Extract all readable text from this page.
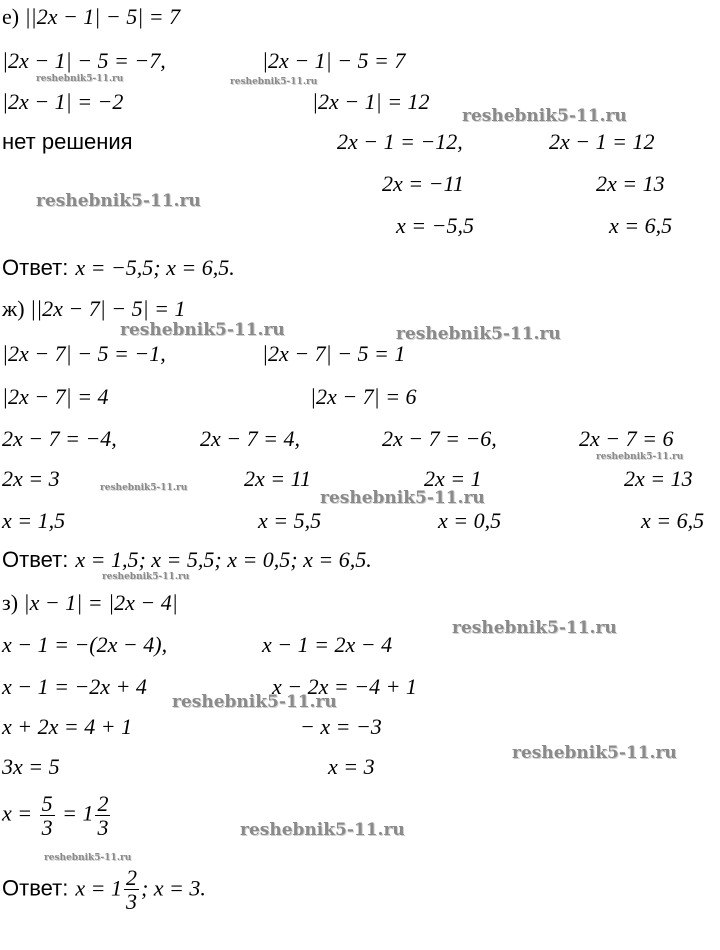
е) ||2x − 1| − 5| = 7
|2x − 1| − 5 = −7,	|2x − 1| − 5 = 7
|2x − 1| = −2	|2x − 1| = 12
нет решения	2x − 1 = −12,	2x − 1 = 12
2x = −11	2x = 13
x = −5,5	x = 6,5
Ответ: x = −5,5; x = 6,5.
ж) ||2x − 7| − 5| = 1
|2x − 7| − 5 = −1,	|2x − 7| − 5 = 1
|2x − 7| = 4	|2x − 7| = 6
2x − 7 = −4,	2x − 7 = 4,	2x − 7 = −6,	2x − 7 = 6
2x = 3	2x = 11	2x = 1	2x = 13
x = 1,5	x = 5,5	x = 0,5	x = 6,5
Ответ: x = 1,5; x = 5,5; x = 0,5; x = 6,5.
з) |x − 1| = |2x − 4|
x − 1 = −(2x − 4),	x − 1 = 2x − 4
x − 1 = −2x + 4	x − 2x = −4 + 1
x + 2x = 4 + 1	− x = −3
3x = 5	x = 3
$x = \frac{5}{3} = 1 \frac{2}{3}$
Ответ: $x = 1 \frac{2}{3}$ ; x = 3.
reshebnik5-11.ru	reshebnik5-11.ru
reshebnik5-11.ru
reshebnik5-11.ru
reshebnik5-11.ru	reshebnik5-11.ru
reshebnik5-11.ru
reshebnik5-11.ru	reshebnik5-11.ru
reshebnik5-11.ru
reshebnik5-11.ru
reshebnik5-11.ru
reshebnik5-11.ru
reshebnik5-11.ru
reshebnik5-11.ru
